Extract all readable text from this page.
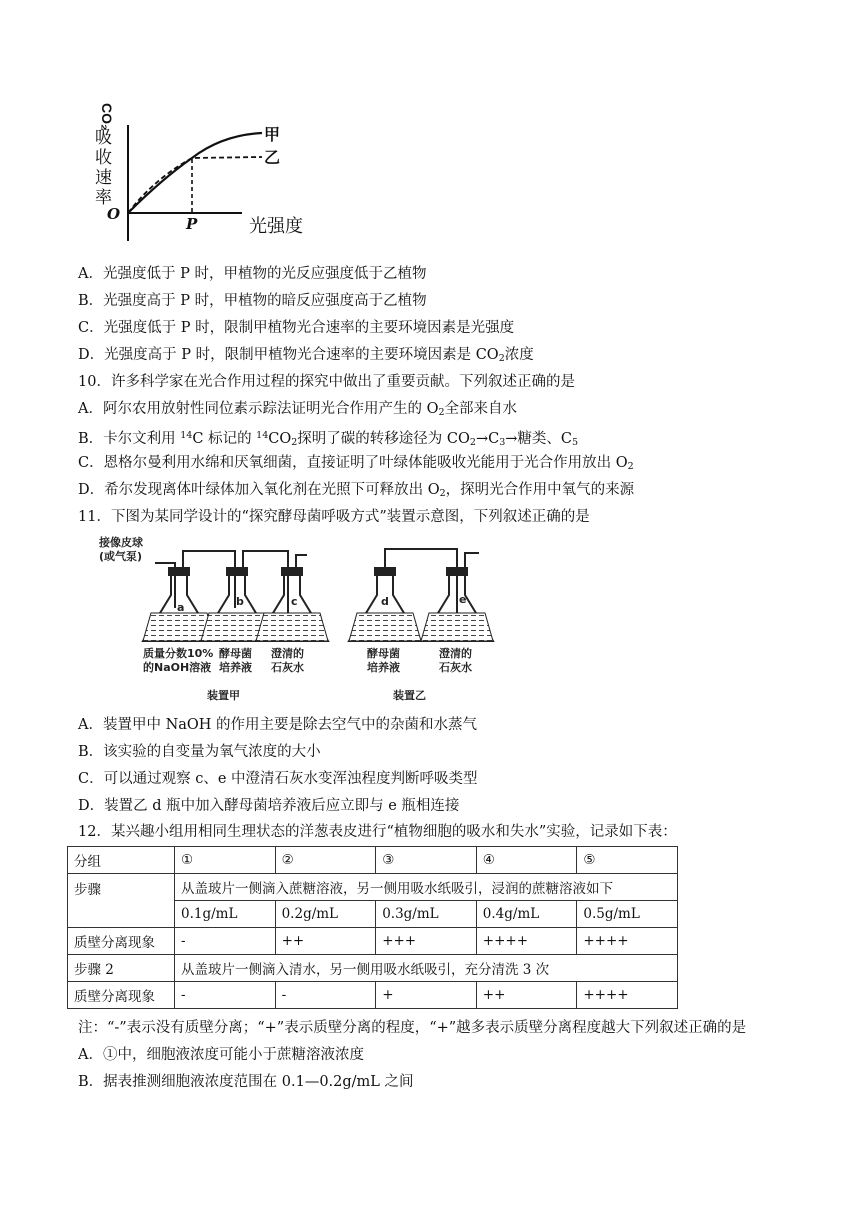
CO₂
吸
收
速
率
O
P	光强度
甲
乙
A．光强度低于 P 时，甲植物的光反应强度低于乙植物
B．光强度高于 P 时，甲植物的暗反应强度高于乙植物
C．光强度低于 P 时，限制甲植物光合速率的主要环境因素是光强度
D．光强度高于 P 时，限制甲植物光合速率的主要环境因素是 $CO_2$浓度
10．许多科学家在光合作用过程的探究中做出了重要贡献。下列叙述正确的是
A．阿尔农用放射性同位素示踪法证明光合作用产生的 $O_2$全部来自水
B．卡尔文利用 $^{14}$C 标记的 $^{14}CO_2$探明了碳的转移途径为 $CO_2\to C_3\to$糖类、$C_5$
C．恩格尔曼利用水绵和厌氧细菌，直接证明了叶绿体能吸收光能用于光合作用放出 $O_2$
D．希尔发现离体叶绿体加入氧化剂在光照下可释放出 $O_2$，探明光合作用中氧气的来源
11．下图为某同学设计的“探究酵母菌呼吸方式”装置示意图，下列叙述正确的是
接像皮球
(或气泵)
a	b	c	d	e
质量分数10%
的NaOH溶液
酵母菌
培养液
澄清的
石灰水
酵母菌
培养液
澄清的
石灰水
装置甲	装置乙
A．装置甲中 NaOH 的作用主要是除去空气中的杂菌和水蒸气
B．该实验的自变量为氧气浓度的大小
C．可以通过观察 c、e 中澄清石灰水变浑浊程度判断呼吸类型
D．装置乙 d 瓶中加入酵母菌培养液后应立即与 e 瓶相连接
12．某兴趣小组用相同生理状态的洋葱表皮进行“植物细胞的吸水和失水”实验，记录如下表：
分组	①	②	③	④	⑤
步骤	从盖玻片一侧滴入蔗糖溶液，另一侧用吸水纸吸引，浸润的蔗糖溶液如下				
	0.1g/mL	0.2g/mL	0.3g/mL	0.4g/mL	0.5g/mL
质壁分离现象	-	++	+++	++++	++++
步骤 2	从盖玻片一侧滴入清水，另一侧用吸水纸吸引，充分清洗 3 次				
质壁分离现象	-	-	+	++	++++
注：“-”表示没有质壁分离；“+”表示质壁分离的程度，“+”越多表示质壁分离程度越大下列叙述正确的是
A．①中，细胞液浓度可能小于蔗糖溶液浓度
B．据表推测细胞液浓度范围在 0.1—0.2g/mL 之间
